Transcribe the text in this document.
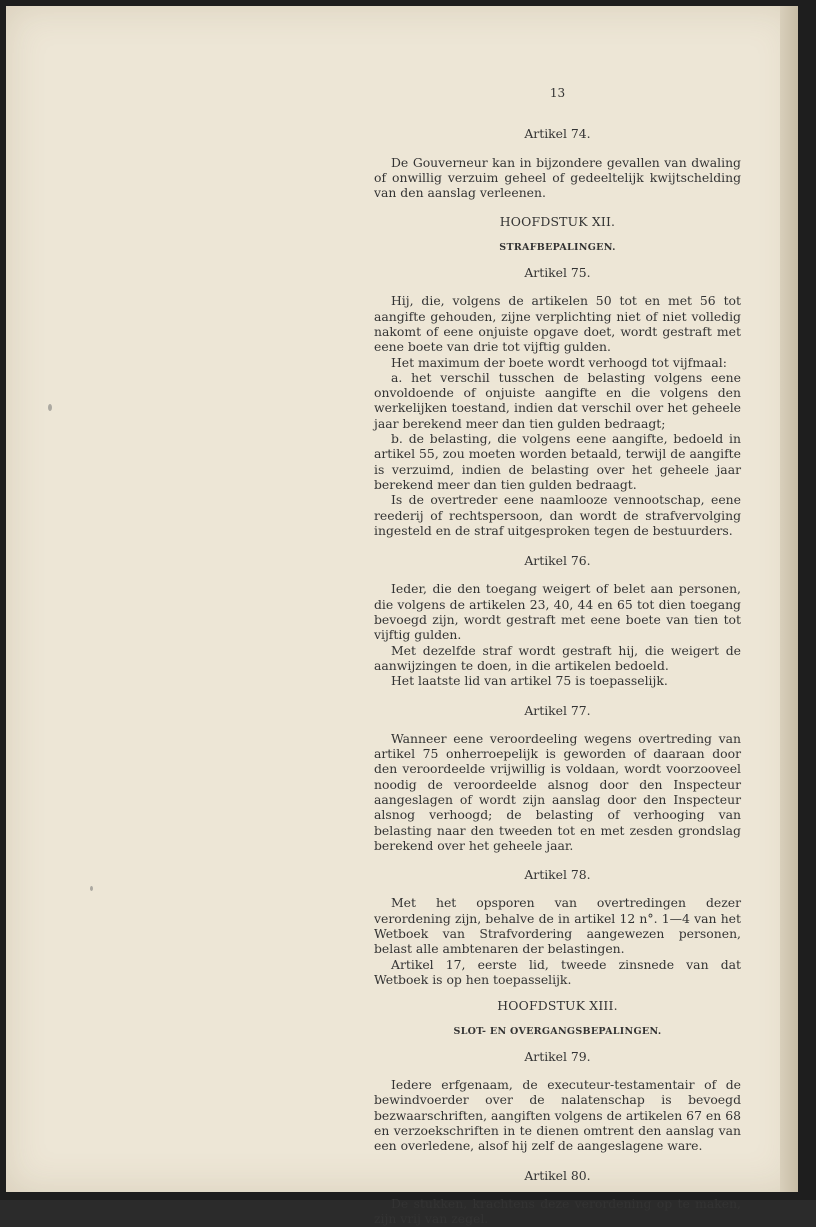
13
Artikel 74.

De Gouverneur kan in bijzondere gevallen van dwaling of onwillig verzuim geheel of gedeeltelijk kwijtschelding van den aanslag verleenen.

HOOFDSTUK XII.
STRAFBEPALINGEN.
Artikel 75.

Hij, die, volgens de artikelen 50 tot en met 56 tot aangifte gehouden, zijne verplichting niet of niet volledig nakomt of eene onjuiste opgave doet, wordt gestraft met eene boete van drie tot vijftig gulden.

Het maximum der boete wordt verhoogd tot vijfmaal:

a. het verschil tusschen de belasting volgens eene onvoldoende of onjuiste aangifte en die volgens den werkelijken toestand, indien dat verschil over het geheele jaar berekend meer dan tien gulden bedraagt;

b. de belasting, die volgens eene aangifte, bedoeld in artikel 55, zou moeten worden betaald, terwijl de aangifte is verzuimd, indien de belasting over het geheele jaar berekend meer dan tien gulden bedraagt.

Is de overtreder eene naamlooze vennootschap, eene reederij of rechtspersoon, dan wordt de strafvervolging ingesteld en de straf uitgesproken tegen de bestuurders.

Artikel 76.

Ieder, die den toegang weigert of belet aan personen, die volgens de artikelen 23, 40, 44 en 65 tot dien toegang bevoegd zijn, wordt gestraft met eene boete van tien tot vijftig gulden.

Met dezelfde straf wordt gestraft hij, die weigert de aanwijzingen te doen, in die artikelen bedoeld.

Het laatste lid van artikel 75 is toepasselijk.

Artikel 77.

Wanneer eene veroordeeling wegens overtreding van artikel 75 onherroepelijk is geworden of daaraan door den veroordeelde vrijwillig is voldaan, wordt voorzooveel noodig de veroordeelde alsnog door den Inspecteur aangeslagen of wordt zijn aanslag door den Inspecteur alsnog verhoogd; de belasting of verhooging van belasting naar den tweeden tot en met zesden grondslag berekend over het geheele jaar.

Artikel 78.

Met het opsporen van overtredingen dezer verordening zijn, behalve de in artikel 12 n°. 1—4 van het Wetboek van Strafvordering aangewezen personen, belast alle ambtenaren der belastingen.

Artikel 17, eerste lid, tweede zinsnede van dat Wetboek is op hen toepasselijk.

HOOFDSTUK XIII.
SLOT- EN OVERGANGSBEPALINGEN.
Artikel 79.

Iedere erfgenaam, de executeur-testamentair of de bewindvoerder over de nalatenschap is bevoegd bezwaarschriften, aangiften volgens de artikelen 67 en 68 en verzoekschriften in te dienen omtrent den aanslag van een overledene, alsof hij zelf de aangeslagene ware.

Artikel 80.

De stukken, krachtens deze verordening op te maken, zijn vrij van zegel.
